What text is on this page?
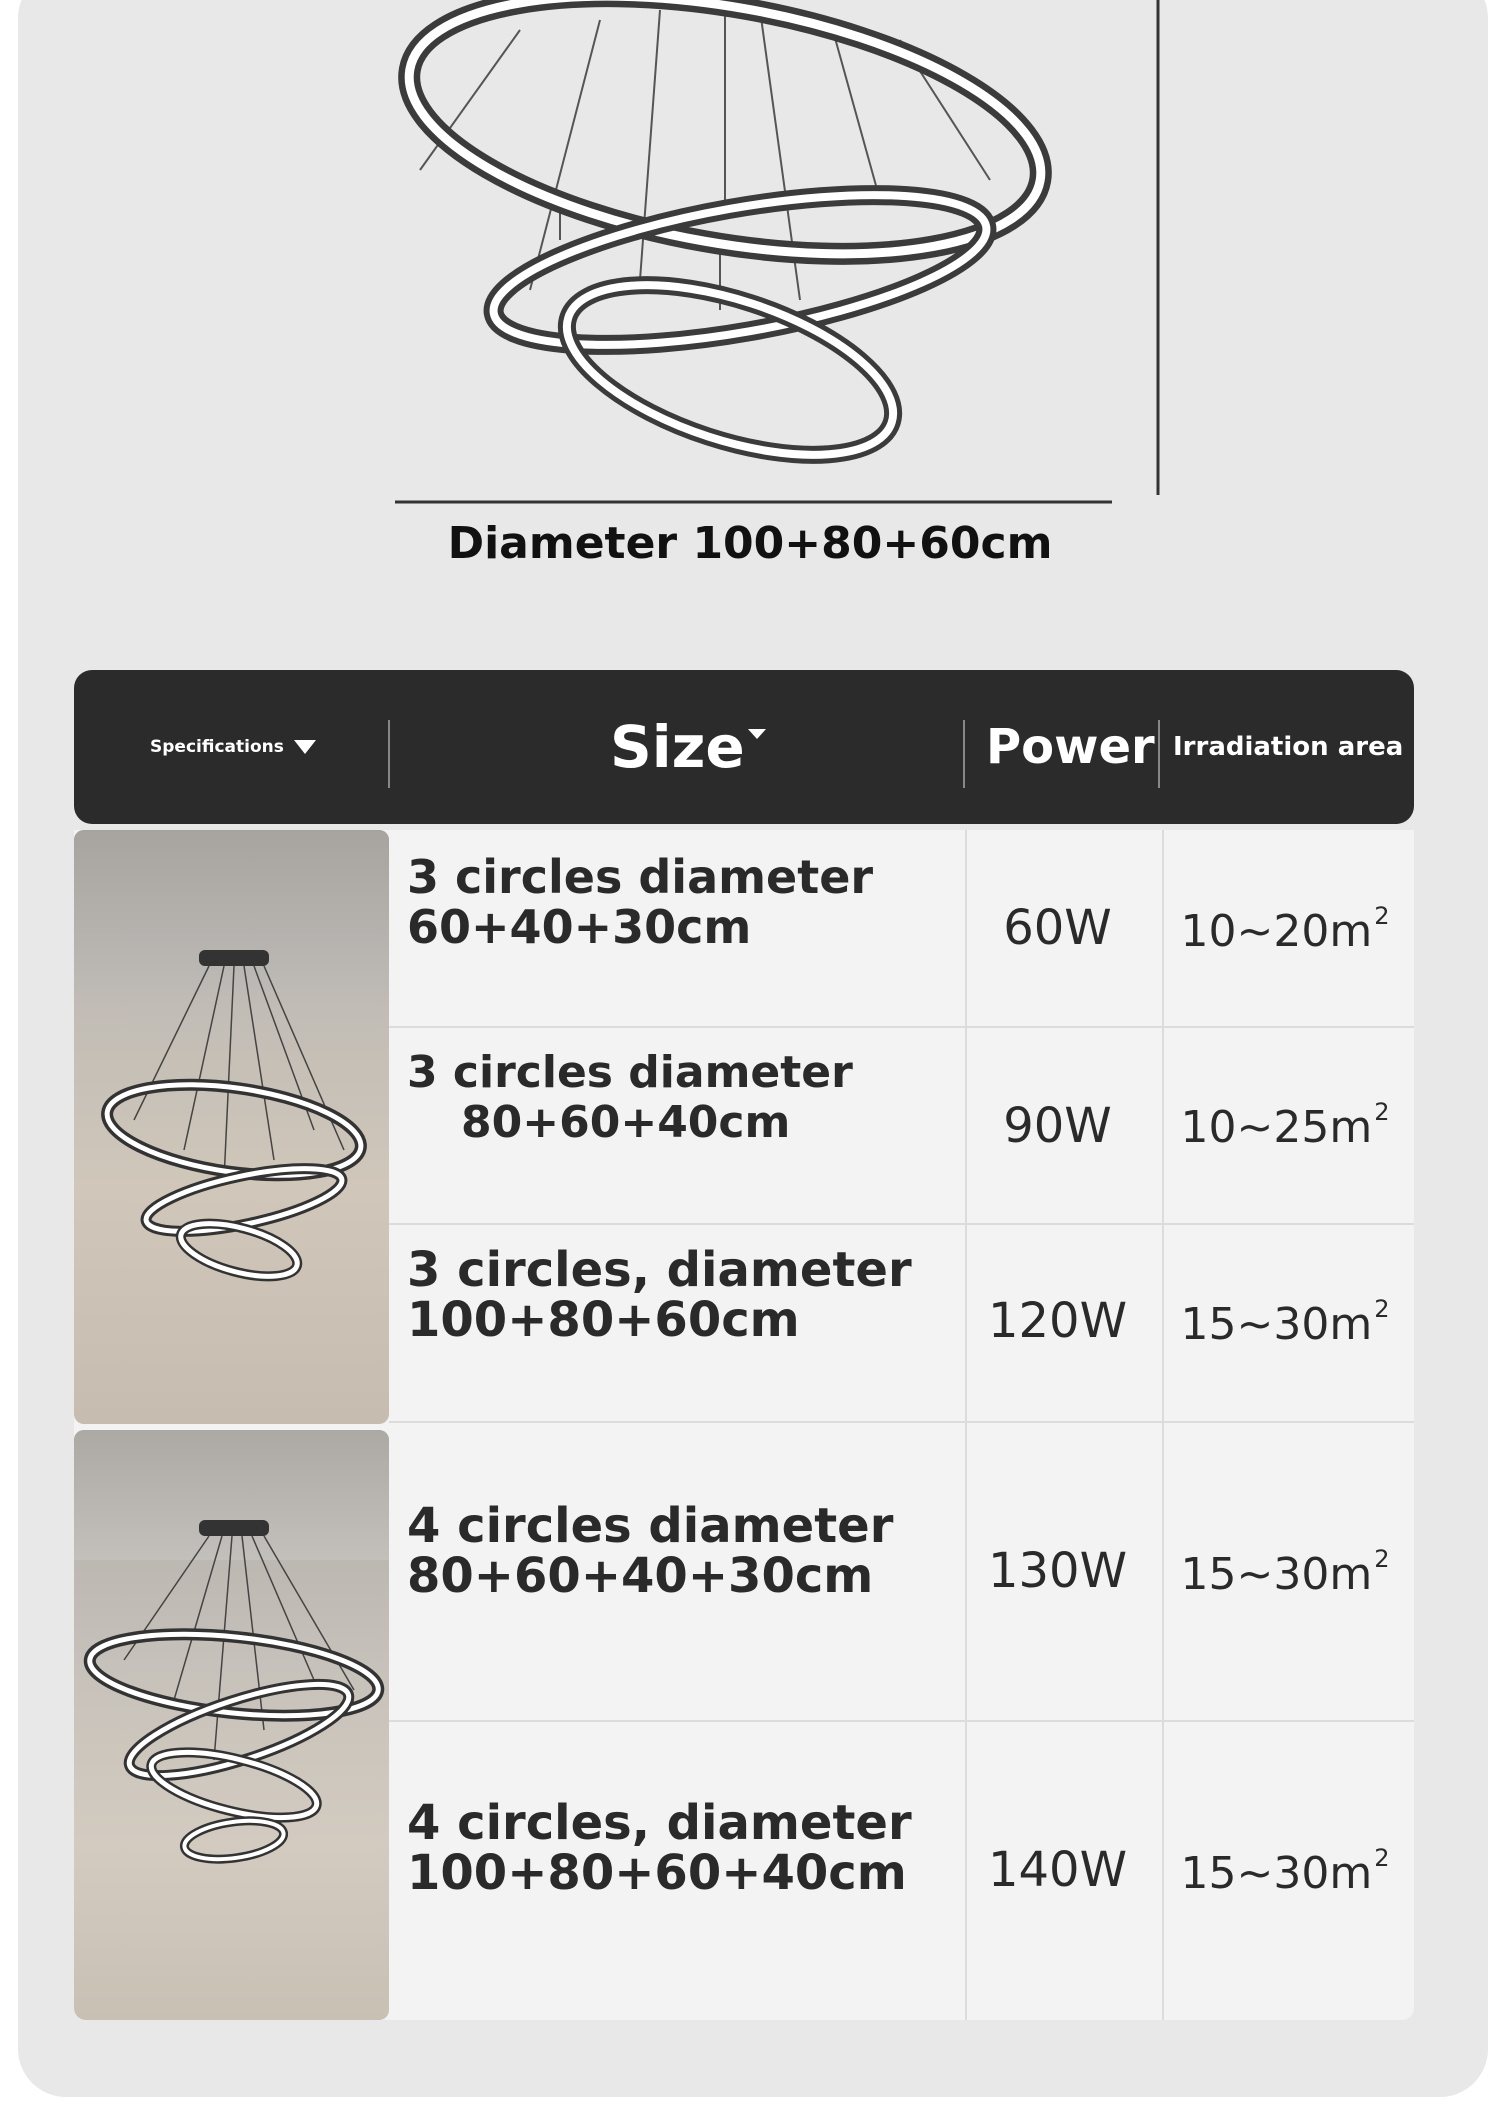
Diameter 100+80+60cm
Specifications	Size	Power Irradiation area
3 circles diameter
60+40+30cm	60W	$10\sim 20m^2$
3 circles diameter
80+60+40cm	90W	$10\sim 25m^2$
3 circles, diameter
100+80+60cm	120W	$15\sim 30m^2$
4 circles diameter
80+60+40+30cm	130W	$15\sim 30m^2$
4 circles, diameter
100+80+60+40cm	140W	$15\sim 30m^2$
